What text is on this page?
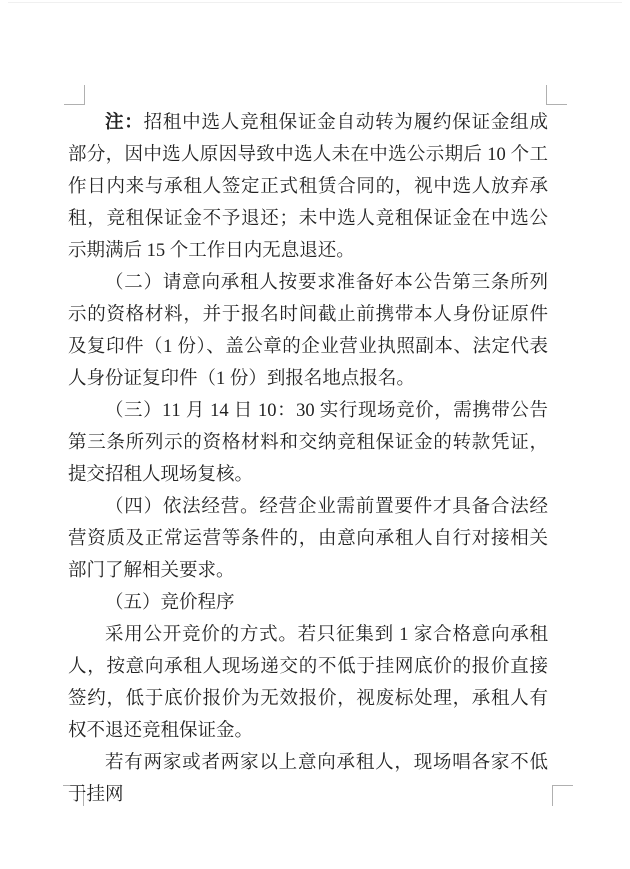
注：招租中选人竞租保证金自动转为履约保证金组成部分，因中选人原因导致中选人未在中选公示期后 10 个工作日内来与承租人签定正式租赁合同的，视中选人放弃承租，竞租保证金不予退还；未中选人竞租保证金在中选公示期满后 15 个工作日内无息退还。

（二）请意向承租人按要求准备好本公告第三条所列示的资格材料，并于报名时间截止前携带本人身份证原件及复印件（1 份）、盖公章的企业营业执照副本、法定代表人身份证复印件（1 份）到报名地点报名。

（三）11 月 14 日 10：30 实行现场竞价，需携带公告第三条所列示的资格材料和交纳竞租保证金的转款凭证，提交招租人现场复核。

（四）依法经营。经营企业需前置要件才具备合法经营资质及正常运营等条件的，由意向承租人自行对接相关部门了解相关要求。

（五）竞价程序

采用公开竞价的方式。若只征集到 1 家合格意向承租人，按意向承租人现场递交的不低于挂网底价的报价直接签约，低于底价报价为无效报价，视废标处理，承租人有权不退还竞租保证金。

若有两家或者两家以上意向承租人，现场唱各家不低于挂网
